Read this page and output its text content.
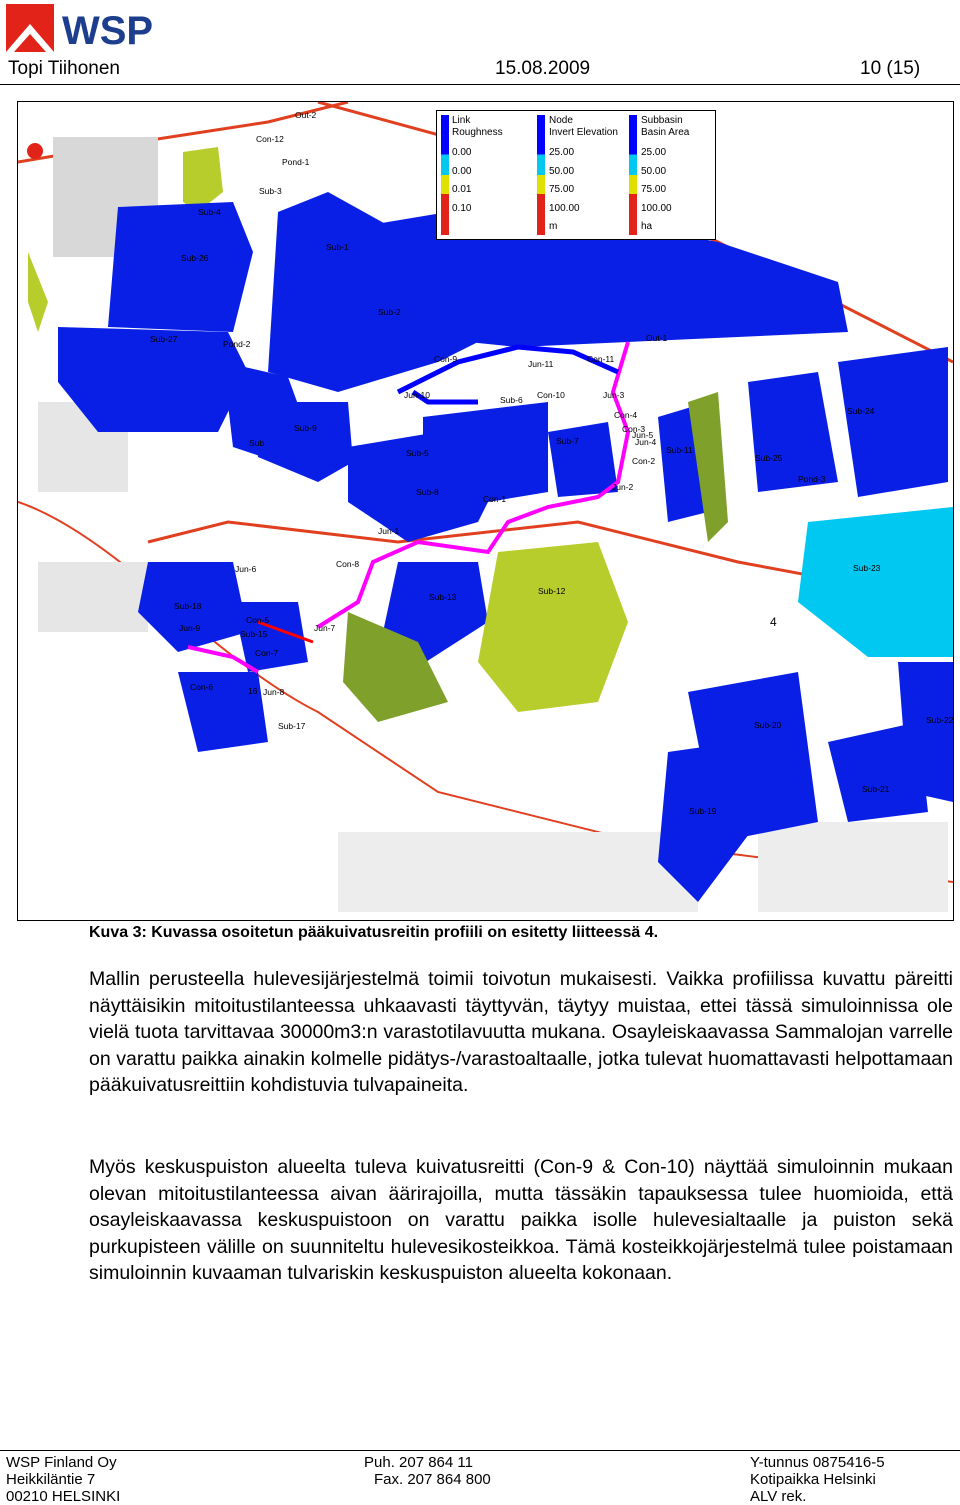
WSP
Topi Tiihonen	15.08.2009	10 (15)
Link
Roughness
0.00
0.00
0.01
0.10
Node
Invert Elevation
25.00
50.00
75.00
100.00
m
Subbasin
Basin Area
25.00
50.00
75.00
100.00
ha
Out-2
Con-12
Pond-1
Sub-3
Sub-4
Sub-26
Sub-1
Sub-2
Sub-27	Pond-2
Out-1
Con-9	Jun-11	Con-11
Jun-10	Sub-6 Con-10	Jun-3
Sub-24
Sub-9
Con-4
Con-3
Jun-5
Jun-4
Sub-7
Sub-11
Sub-25
Sub
Sub-5
Con-2
Pond-3
Sub-8
Con-1
Jun-2
Jun-1
Jun-6	Con-8	Sub-23
Sub-13
Sub-12
Sub-18
Con-5
Jun-9
Sub-15
Jun-7
Con-7
Con-6	16 Jun-8
Sub-17	Sub-20	Sub-22
Sub-21
Sub-19
4
Kuva 3: Kuvassa osoitetun pääkuivatusreitin profiili on esitetty liitteessä 4.
Mallin perusteella hulevesijärjestelmä toimii toivotun mukaisesti. Vaikka profiilissa kuvattu päreitti näyttäisikin mitoitustilanteessa uhkaavasti täyttyvän, täytyy muistaa, ettei tässä simuloinnissa ole vielä tuota tarvittavaa 30000m3:n varastotilavuutta mukana. Osayleiskaavassa Sammalojan varrelle on varattu paikka ainakin kolmelle pidätys-/varastoaltaalle, jotka tulevat huomattavasti helpottamaan pääkuivatusreittiin kohdistuvia tulvapaineita.
Myös keskuspuiston alueelta tuleva kuivatusreitti (Con-9 & Con-10) näyttää simuloinnin mukaan olevan mitoitustilanteessa aivan äärirajoilla, mutta tässäkin tapauksessa tulee huomioida, että osayleiskaavassa keskuspuistoon on varattu paikka isolle hulevesialtaalle ja puiston sekä purkupisteen välille on suunniteltu hulevesikosteikkoa. Tämä kosteikkojärjestelmä tulee poistamaan simuloinnin kuvaaman tulvariskin keskuspuiston alueelta kokonaan.
WSP Finland Oy
Heikkiläntie 7
00210 HELSINKI
Puh. 207 864 11
Fax. 207 864 800
Y-tunnus 0875416-5
Kotipaikka Helsinki
ALV rek.
